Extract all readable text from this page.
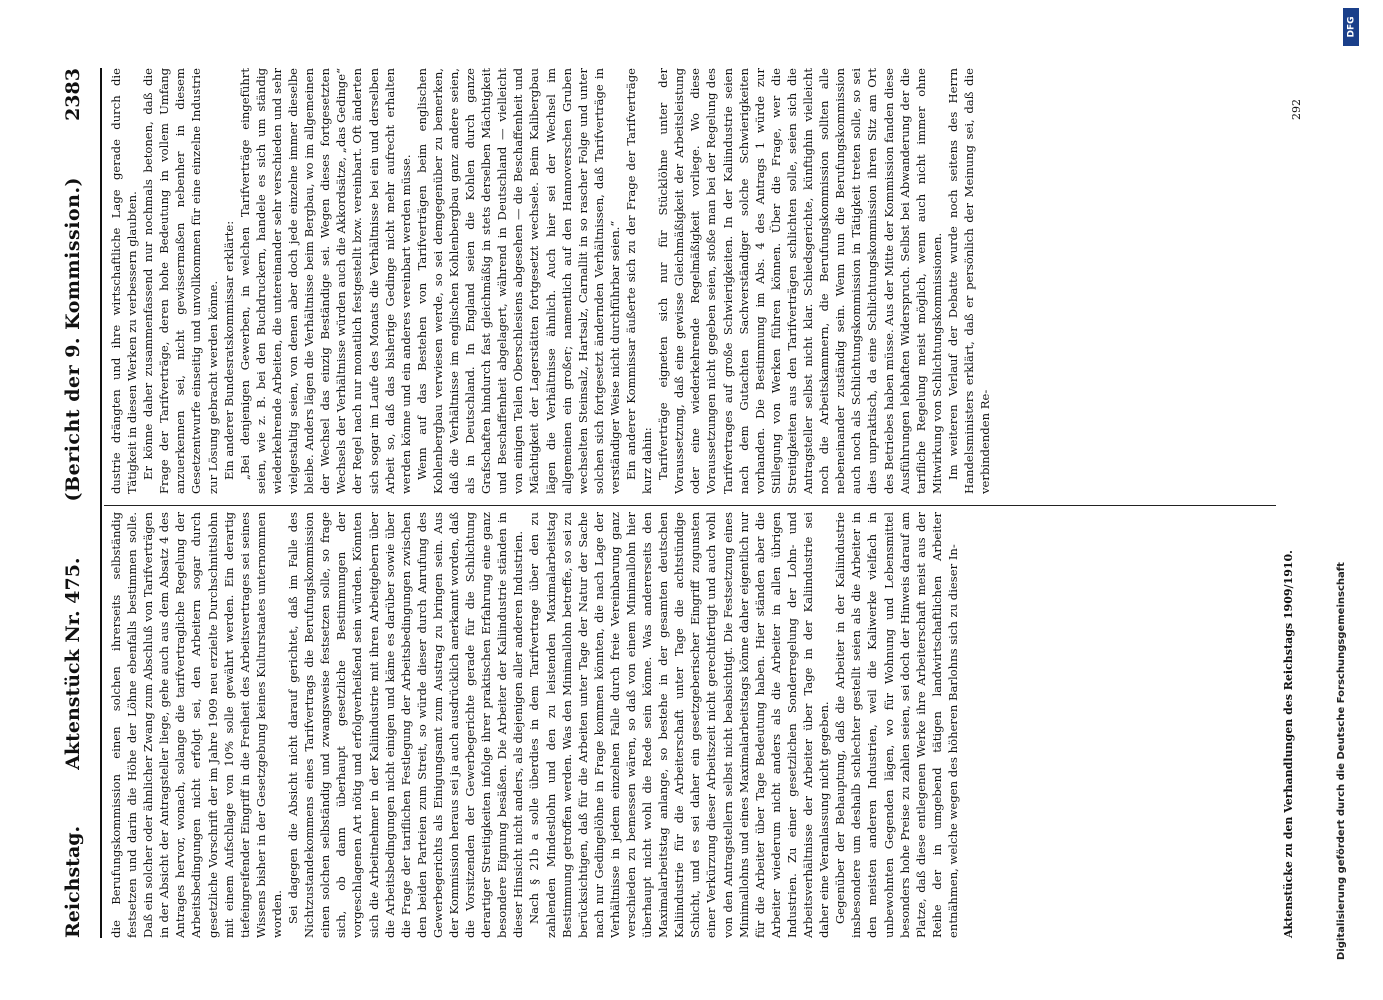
Reichstag.
Aktenstück Nr. 475.
(Bericht der 9. Kommission.)
2383

die Berufungskommission einen solchen ihrerseits selbständig festsetzen und darin die Höhe der Löhne ebenfalls bestimmen solle. Daß ein solcher oder ähnlicher Zwang zum Abschluß von Tarifverträgen in der Absicht der Antragsteller liege, gehe auch aus dem Absatz 4 des Antrages hervor, wonach, solange die tarifvertragliche Regelung der Arbeitsbedingungen nicht erfolgt sei, den Arbeitern sogar durch gesetzliche Vorschrift der im Jahre 1909 neu erzielte Durchschnittslohn mit einem Aufschlage von 10% solle gewährt werden. Ein derartig tiefeingreifender Eingriff in die Freiheit des Arbeitsvertrages sei seines Wissens bisher in der Gesetzgebung keines Kulturstaates unternommen worden. Sei dagegen die Absicht nicht darauf gerichtet, daß im Falle des Nichtzustandekommens eines Tarifvertrags die Berufungskommission einen solchen selbständig und zwangsweise festsetzen solle, so frage sich, ob dann überhaupt gesetzliche Bestimmungen der vorgeschlagenen Art nötig und erfolgverheißend sein würden. Könnten sich die Arbeitnehmer in der Kaliindustrie mit ihren Arbeitgebern über die Arbeitsbedingungen nicht einigen und käme es darüber sowie über die Frage der tariflichen Festlegung der Arbeitsbedingungen zwischen den beiden Parteien zum Streit, so würde dieser durch Anrufung des Gewerbegerichts als Einigungsamt zum Austrag zu bringen sein. Aus der Kommission heraus sei ja auch ausdrücklich anerkannt worden, daß die Vorsitzenden der Gewerbegerichte gerade für die Schlichtung derartiger Streitigkeiten infolge ihrer praktischen Erfahrung eine ganz besondere Eignung besäßen. Die Arbeiter der Kaliindustrie ständen in dieser Hinsicht nicht anders, als diejenigen aller anderen Industrien. Nach § 21b a solle überdies in dem Tarifvertrage über den zu zahlenden Mindestlohn und den zu leistenden Maximalarbeitstag Bestimmung getroffen werden. Was den Minimallohn betreffe, so sei zu berücksichtigen, daß für die Arbeiten unter Tage der Natur der Sache nach nur Gedingelöhne in Frage kommen könnten, die nach Lage der Verhältnisse in jedem einzelnen Falle durch freie Vereinbarung ganz verschieden zu bemessen wären, so daß von einem Minimallohn hier überhaupt nicht wohl die Rede sein könne. Was andererseits den Maximalarbeitstag anlange, so bestehe in der gesamten deutschen Kaliindustrie für die Arbeiterschaft unter Tage die achtstündige Schicht, und es sei daher ein gesetzgeberischer Eingriff zugunsten einer Verkürzung dieser Arbeitszeit nicht gerechtfertigt und auch wohl von den Antragstellern selbst nicht beabsichtigt. Die Festsetzung eines Minimallohns und eines Maximalarbeitstags könne daher eigentlich nur für die Arbeiter über Tage Bedeutung haben. Hier ständen aber die Arbeiter wiederum nicht anders als die Arbeiter in allen übrigen Industrien. Zu einer gesetzlichen Sonderregelung der Lohn- und Arbeitsverhältnisse der Arbeiter über Tage in der Kaliindustrie sei daher eine Veranlassung nicht gegeben. Gegenüber der Behauptung, daß die Arbeiter in der Kaliindustrie insbesondere um deshalb schlechter gestellt seien als die Arbeiter in den meisten anderen Industrien, weil die Kaliwerke vielfach in unbewohnten Gegenden lägen, wo für Wohnung und Lebensmittel besonders hohe Preise zu zahlen seien, sei doch der Hinweis darauf am Platze, daß diese entlegenen Werke ihre Arbeiterschaft meist aus der Reihe der in umgebend tätigen landwirtschaftlichen Arbeiter entnähmen, welche wegen des höheren Barlohns sich zu dieser In-

dustrie drängten und ihre wirtschaftliche Lage gerade durch die Tätigkeit in diesen Werken zu verbessern glaubten. Er könne daher zusammenfassend nur nochmals betonen, daß die Frage der Tarifverträge, deren hohe Bedeutung in vollem Umfang anzuerkennen sei, nicht gewissermaßen nebenher in diesem Gesetzentwurfe einseitig und unvollkommen für eine einzelne Industrie zur Lösung gebracht werden könne. Ein anderer Bundesratskommissar erklärte: „Bei denjenigen Gewerben, in welchen Tarifverträge eingeführt seien, wie z. B. bei den Buchdruckern, handele es sich um ständig wiederkehrende Arbeiten, die untereinander sehr verschieden und sehr vielgestaltig seien, von denen aber doch jede einzelne immer dieselbe bleibe. Anders lägen die Verhältnisse beim Bergbau, wo im allgemeinen der Wechsel das einzig Beständige sei. Wegen dieses fortgesetzten Wechsels der Verhältnisse würden auch die Akkordsätze, „das Gedinge“ der Regel nach nur monatlich festgestellt bzw. vereinbart. Oft änderten sich sogar im Laufe des Monats die Verhältnisse bei ein und derselben Arbeit so, daß das bisherige Gedinge nicht mehr aufrecht erhalten werden könne und ein anderes vereinbart werden müsse. Wenn auf das Bestehen von Tarifverträgen beim englischen Kohlenbergbau verwiesen werde, so sei demgegenüber zu bemerken, daß die Verhältnisse im englischen Kohlenbergbau ganz andere seien, als in Deutschland. In England seien die Kohlen durch ganze Grafschaften hindurch fast gleichmäßig in stets derselben Mächtigkeit und Beschaffenheit abgelagert, während in Deutschland — vielleicht von einigen Teilen Oberschlesiens abgesehen — die Beschaffenheit und Mächtigkeit der Lagerstätten fortgesetzt wechsele. Beim Kalibergbau lägen die Verhältnisse ähnlich. Auch hier sei der Wechsel im allgemeinen ein großer; namentlich auf den Hannoverschen Gruben wechselten Steinsalz, Hartsalz, Carnallit in so rascher Folge und unter solchen sich fortgesetzt ändernden Verhältnissen, daß Tarifverträge in verständiger Weise nicht durchführbar seien.“ Ein anderer Kommissar äußerte sich zu der Frage der Tarifverträge kurz dahin: Tarifverträge eigneten sich nur für Stücklöhne unter der Voraussetzung, daß eine gewisse Gleichmäßigkeit der Arbeitsleistung oder eine wiederkehrende Regelmäßigkeit vorliege. Wo diese Voraussetzungen nicht gegeben seien, stoße man bei der Regelung des Tarifvertrages auf große Schwierigkeiten. In der Kaliindustrie seien nach dem Gutachten Sachverständiger solche Schwierigkeiten vorhanden. Die Bestimmung im Abs. 4 des Antrags 1 würde zur Stillegung von Werken führen können. Über die Frage, wer die Streitigkeiten aus den Tarifverträgen schlichten solle, seien sich die Antragsteller selbst nicht klar. Schiedsgerichte, künftighin vielleicht noch die Arbeitskammern, die Berufungskommission sollten alle nebeneinander zuständig sein. Wenn nun die Berufungskommission auch noch als Schlichtungskommission in Tätigkeit treten solle, so sei dies unpraktisch, da eine Schlichtungskommission ihren Sitz am Ort des Betriebes haben müsse. Aus der Mitte der Kommission fanden diese Ausführungen lebhaften Widerspruch. Selbst bei Abwanderung der die tarifliche Regelung meist möglich, wenn auch nicht immer ohne Mitwirkung von Schlichtungskommissionen. Im weiteren Verlauf der Debatte wurde noch seitens des Herrn Handelsministers erklärt, daß er persönlich der Meinung sei, daß die verbindenden Re-

Aktenstücke zu den Verhandlungen des Reichstags 1909/1910.
292
Digitalisierung gefördert durch die Deutsche Forschungsgemeinschaft
DFG
